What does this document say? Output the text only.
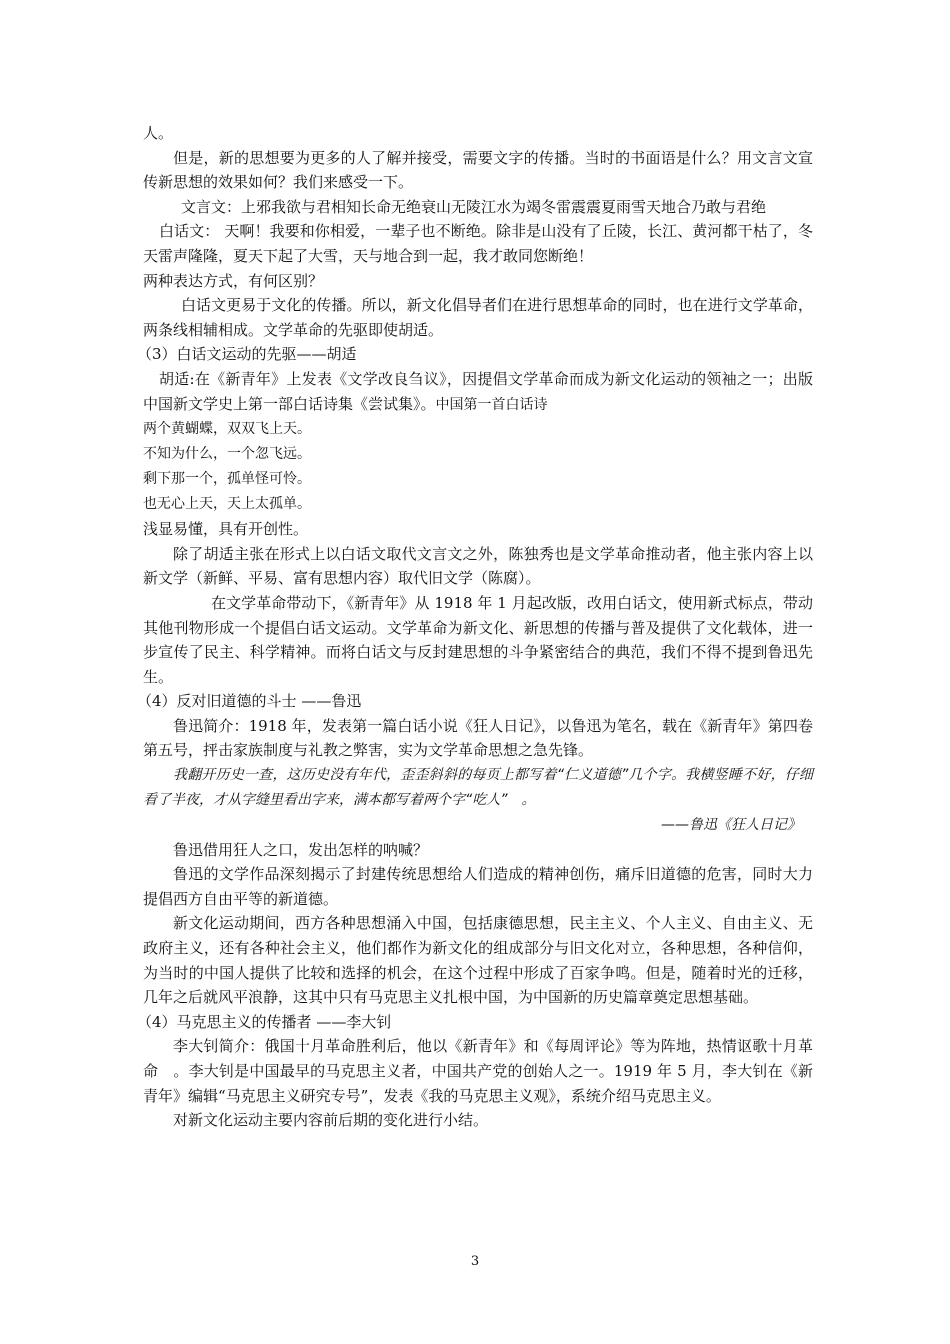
人。

但是，新的思想要为更多的人了解并接受，需要文字的传播。当时的书面语是什么？用文言文宣传新思想的效果如何？我们来感受一下。

文言文：上邪我欲与君相知长命无绝衰山无陵江水为竭冬雷震震夏雨雪天地合乃敢与君绝

白话文： 天啊！我要和你相爱，一辈子也不断绝。除非是山没有了丘陵，长江、黄河都干枯了，冬天雷声隆隆，夏天下起了大雪，天与地合到一起，我才敢同您断绝！

两种表达方式，有何区别？

白话文更易于文化的传播。所以，新文化倡导者们在进行思想革命的同时，也在进行文学革命，两条线相辅相成。文学革命的先驱即使胡适。

（3）白话文运动的先驱——胡适

胡适:在《新青年》上发表《文学改良刍议》，因提倡文学革命而成为新文化运动的领袖之一；出版中国新文学史上第一部白话诗集《尝试集》。中国第一首白话诗

两个黄蝴蝶，双双飞上天。

不知为什么，一个忽飞远。

剩下那一个，孤单怪可怜。

也无心上天，天上太孤单。

浅显易懂，具有开创性。

除了胡适主张在形式上以白话文取代文言文之外，陈独秀也是文学革命推动者，他主张内容上以新文学（新鲜、平易、富有思想内容）取代旧文学（陈腐）。

在文学革命带动下，《新青年》从 1918 年 1 月起改版，改用白话文，使用新式标点，带动其他刊物形成一个提倡白话文运动。文学革命为新文化、新思想的传播与普及提供了文化载体，进一步宣传了民主、科学精神。而将白话文与反封建思想的斗争紧密结合的典范，我们不得不提到鲁迅先生。

（4）反对旧道德的斗士 ——鲁迅

鲁迅简介：1918 年，发表第一篇白话小说《狂人日记》，以鲁迅为笔名，载在《新青年》第四卷第五号，抨击家族制度与礼教之弊害，实为文学革命思想之急先锋。

我翻开历史一查，这历史没有年代，歪歪斜斜的每页上都写着“仁义道德”几个字。我横竖睡不好，仔细看了半夜，才从字缝里看出字来，满本都写着两个字“吃人”　。

——鲁迅《狂人日记》

鲁迅借用狂人之口，发出怎样的呐喊？

鲁迅的文学作品深刻揭示了封建传统思想给人们造成的精神创伤，痛斥旧道德的危害，同时大力提倡西方自由平等的新道德。

新文化运动期间，西方各种思想涌入中国，包括康德思想，民主主义、个人主义、自由主义、无政府主义，还有各种社会主义，他们都作为新文化的组成部分与旧文化对立，各种思想，各种信仰，为当时的中国人提供了比较和选择的机会，在这个过程中形成了百家争鸣。但是，随着时光的迁移，几年之后就风平浪静，这其中只有马克思主义扎根中国，为中国新的历史篇章奠定思想基础。

（4）马克思主义的传播者 ——李大钊

李大钊简介：俄国十月革命胜利后，他以《新青年》和《每周评论》等为阵地，热情讴歌十月革命　。李大钊是中国最早的马克思主义者，中国共产党的创始人之一。1919 年 5 月，李大钊在《新青年》编辑“马克思主义研究专号”，发表《我的马克思主义观》，系统介绍马克思主义。

对新文化运动主要内容前后期的变化进行小结。

3
